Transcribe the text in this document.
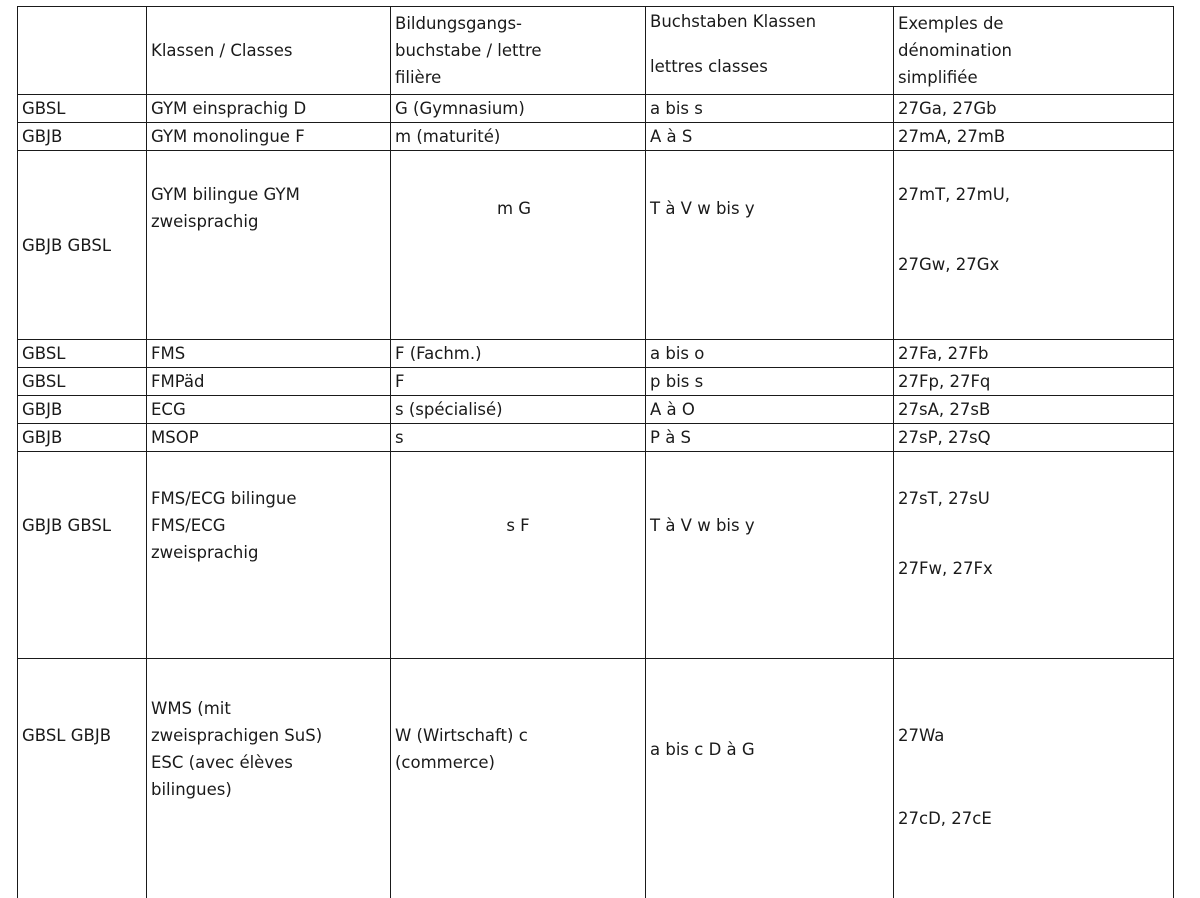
	Klassen / Classes	Bildungsgangs-
buchstabe / lettre
filière	Buchstaben Klassen
lettres classes	Exemples de
dénomination
simplifiée

GBSL	GYM einsprachig D	G (Gymnasium)	a bis s	27Ga, 27Gb
GBJB	GYM monolingue F	m (maturité)	A à S	27mA, 27mB
GBJB GBSL	GYM bilingue GYM
zweisprachig	m G	T à V w bis y	27mT, 27mU,
27Gw, 27Gx

GBSL	FMS	F (Fachm.)	a bis o	27Fa, 27Fb
GBSL	FMPäd	F	p bis s	27Fp, 27Fq
GBJB	ECG	s (spécialisé)	A à O	27sA, 27sB
GBJB	MSOP	s	P à S	27sP, 27sQ
GBJB GBSL	FMS/ECG bilingue
FMS/ECG
zweisprachig	s F	T à V w bis y	27sT, 27sU
27Fw, 27Fx

GBSL GBJB	WMS (mit
zweisprachigen SuS)
ESC (avec élèves
bilingues)	W (Wirtschaft) c
(commerce)	a bis c D à G	27Wa
27cD, 27cE
